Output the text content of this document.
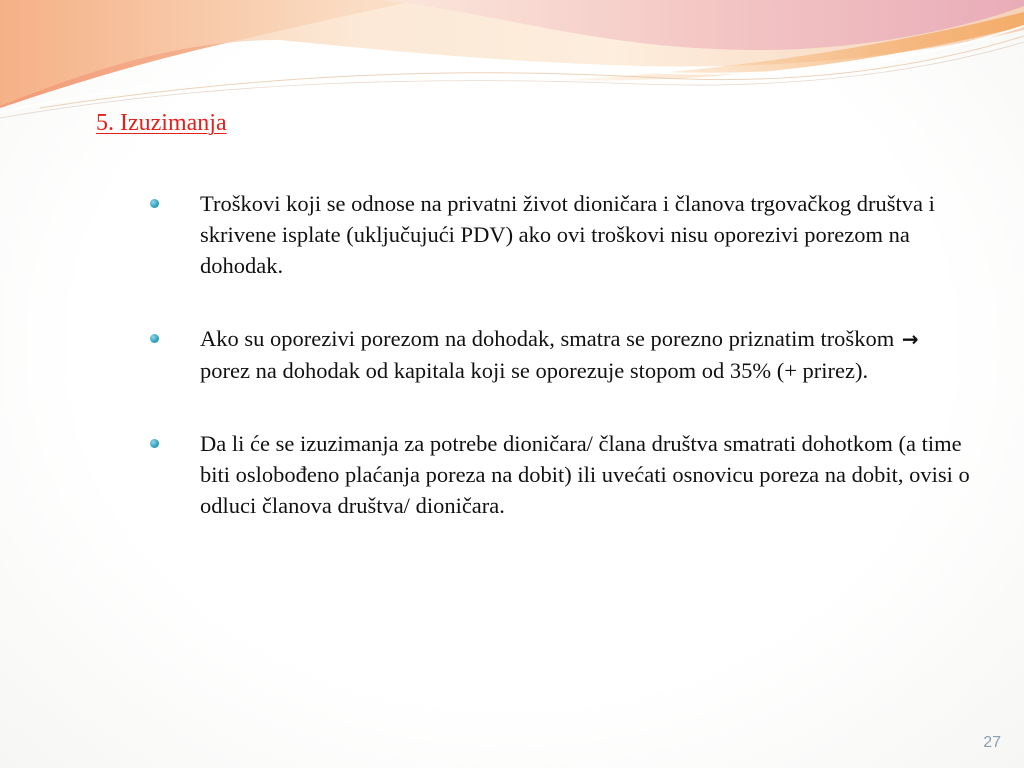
5. Izuzimanja
Troškovi koji se odnose na privatni život dioničara i članova trgovačkog društva i skrivene isplate (uključujući PDV) ako ovi troškovi nisu oporezivi porezom na dohodak.
Ako su oporezivi porezom na dohodak, smatra se porezno priznatim troškom → porez na dohodak od kapitala koji se oporezuje stopom od 35% (+ prirez).
Da li će se izuzimanja za potrebe dioničara/ člana društva smatrati dohotkom (a time biti oslobođeno plaćanja poreza na dobit) ili uvećati osnovicu poreza na dobit, ovisi o odluci članova društva/ dioničara.
27
